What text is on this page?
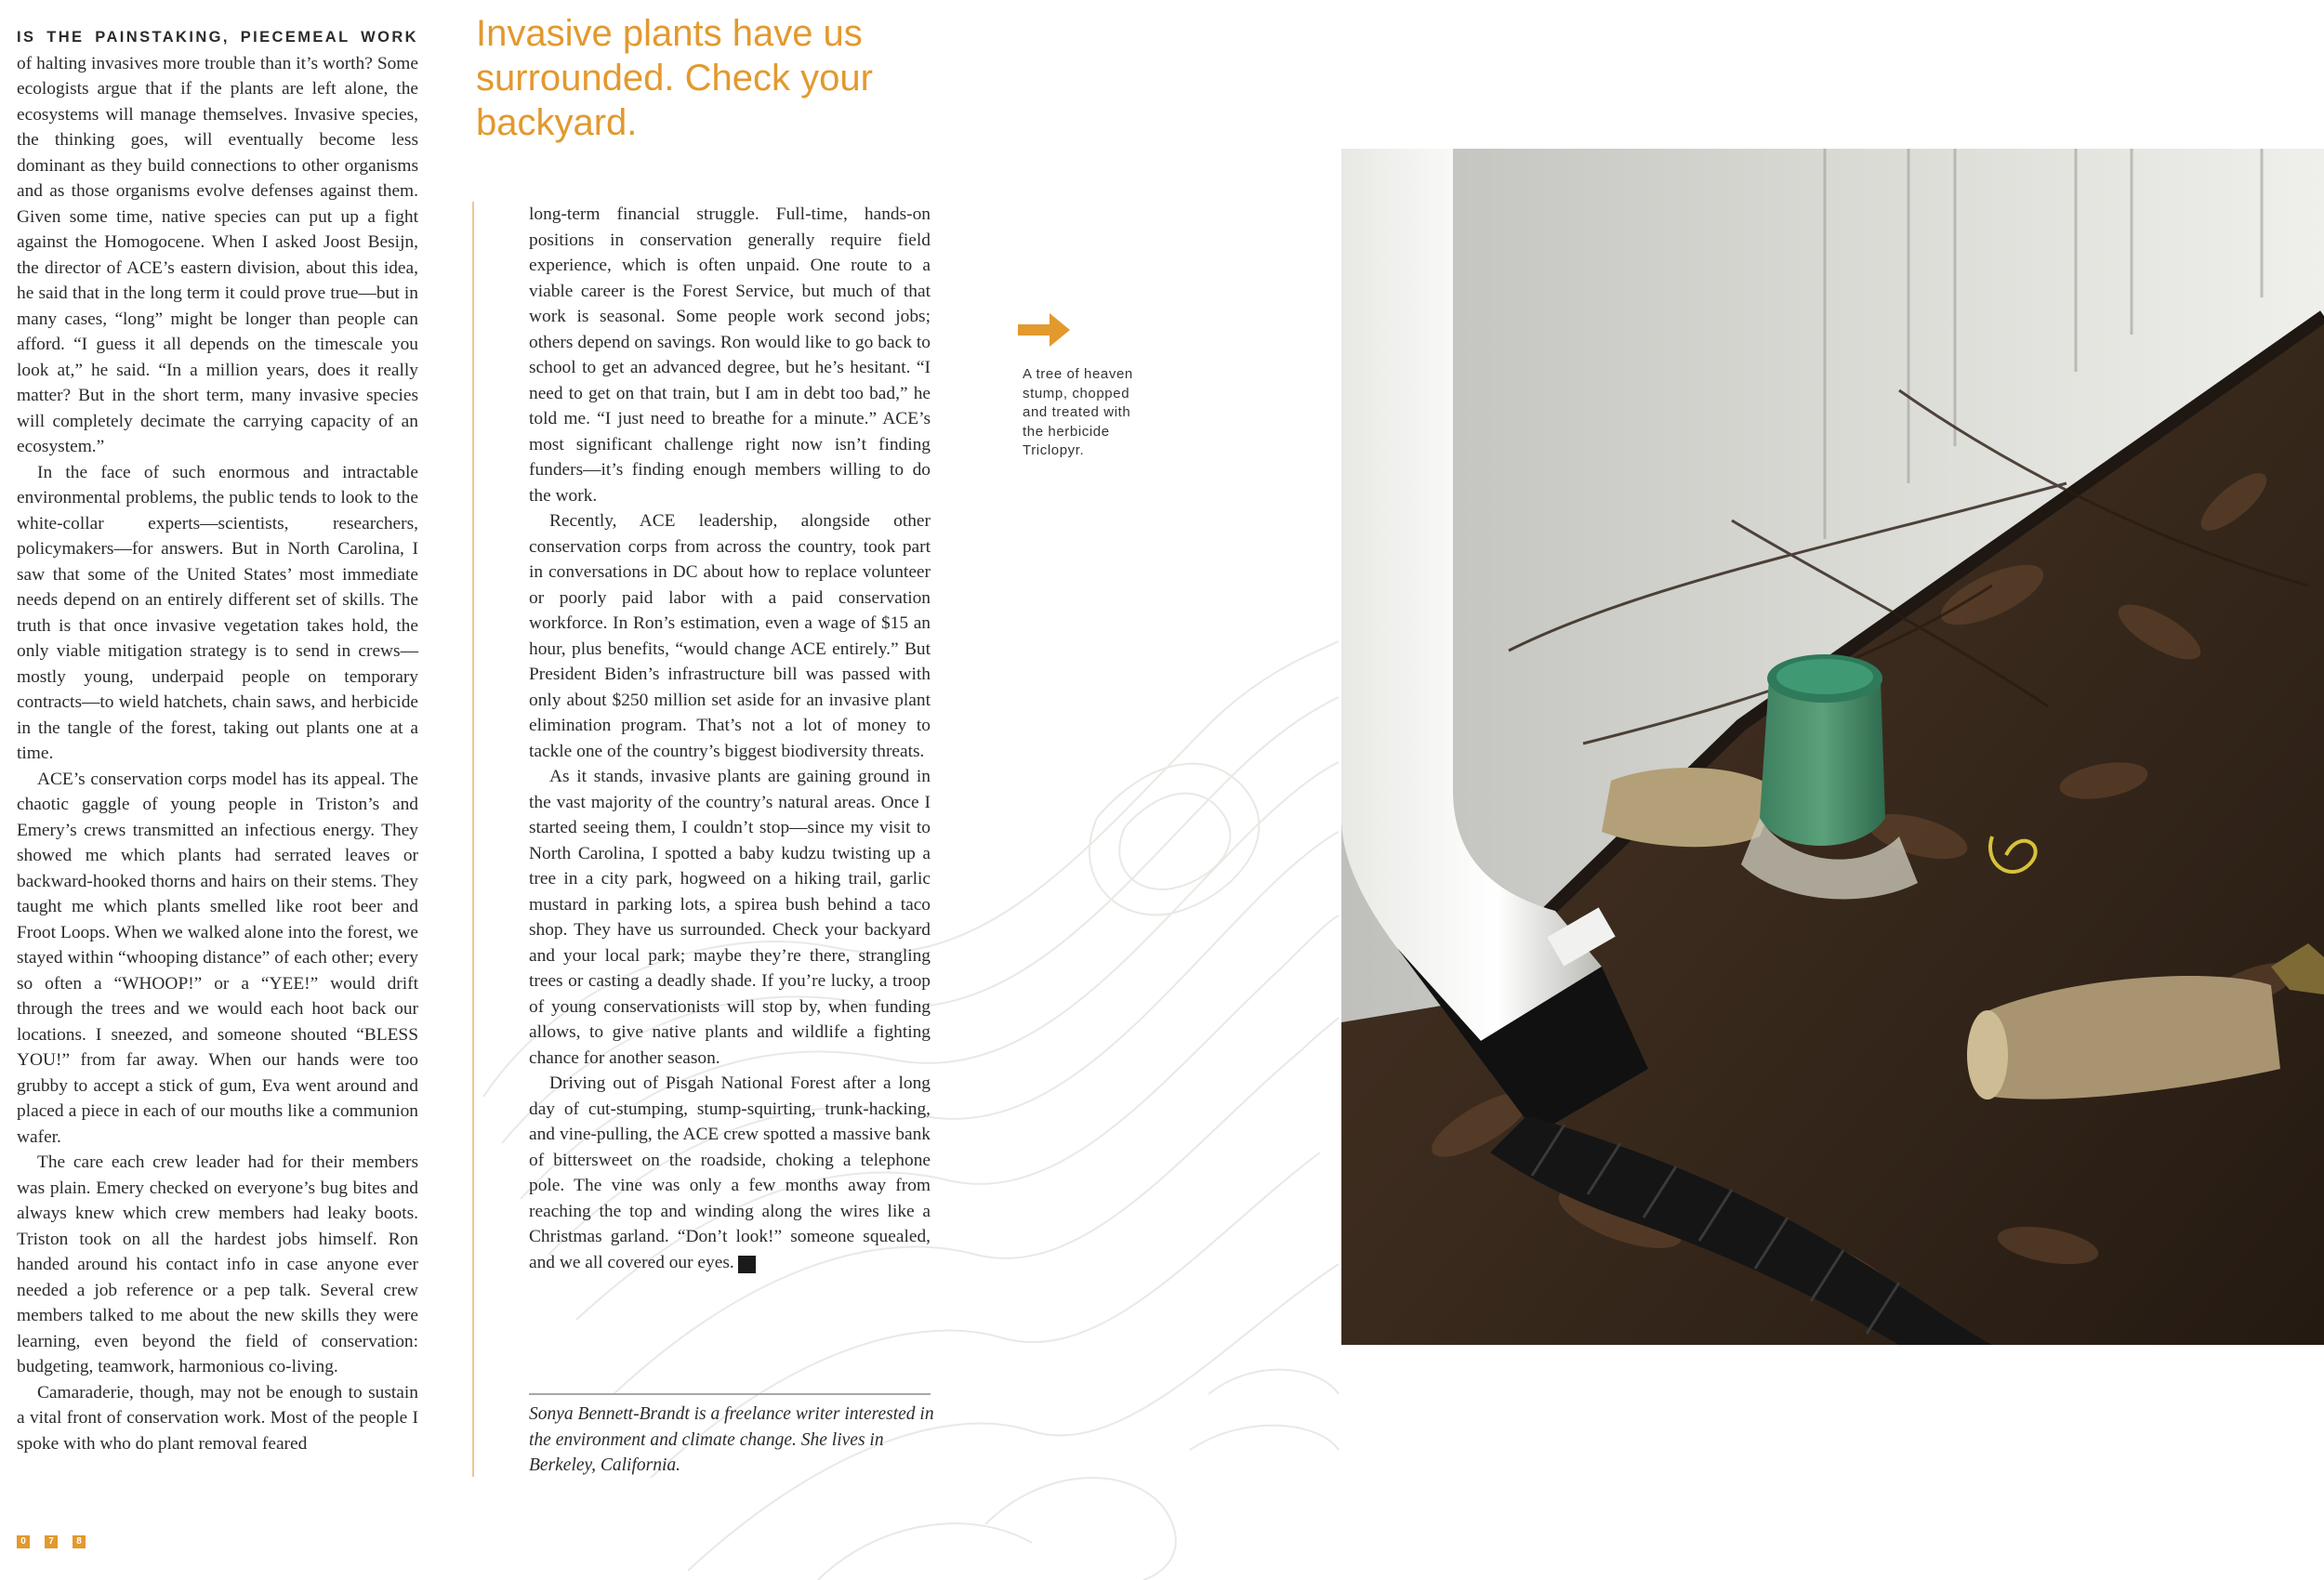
IS THE PAINSTAKING, PIECEMEAL WORK of halting invasives more trouble than it’s worth? Some ecologists argue that if the plants are left alone, the ecosystems will manage themselves. Invasive species, the thinking goes, will eventually become less dominant as they build connections to other organisms and as those organisms evolve defenses against them. Given some time, native species can put up a fight against the Homogocene. When I asked Joost Besijn, the director of ACE’s eastern division, about this idea, he said that in the long term it could prove true—but in many cases, “long” might be longer than people can afford. “I guess it all depends on the timescale you look at,” he said. “In a million years, does it really matter? But in the short term, many invasive species will completely decimate the carrying capacity of an ecosystem.”

In the face of such enormous and intractable environmental problems, the public tends to look to the white-collar experts—scientists, researchers, policymakers—for answers. But in North Carolina, I saw that some of the United States’ most immediate needs depend on an entirely different set of skills. The truth is that once invasive vegetation takes hold, the only viable mitigation strategy is to send in crews—mostly young, underpaid people on temporary contracts—to wield hatchets, chain saws, and herbicide in the tangle of the forest, taking out plants one at a time.

ACE’s conservation corps model has its appeal. The chaotic gaggle of young people in Triston’s and Emery’s crews transmitted an infectious energy. They showed me which plants had serrated leaves or backward-hooked thorns and hairs on their stems. They taught me which plants smelled like root beer and Froot Loops. When we walked alone into the forest, we stayed within “whooping distance” of each other; every so often a “WHOOP!” or a “YEE!” would drift through the trees and we would each hoot back our locations. I sneezed, and someone shouted “BLESS YOU!” from far away. When our hands were too grubby to accept a stick of gum, Eva went around and placed a piece in each of our mouths like a communion wafer.

The care each crew leader had for their members was plain. Emery checked on everyone’s bug bites and always knew which crew members had leaky boots. Triston took on all the hardest jobs himself. Ron handed around his contact info in case anyone ever needed a job reference or a pep talk. Several crew members talked to me about the new skills they were learning, even beyond the field of conservation: budgeting, teamwork, harmonious co-living.

Camaraderie, though, may not be enough to sustain a vital front of conservation work. Most of the people I spoke with who do plant removal feared

Invasive plants have us surrounded. Check your backyard.

long-term financial struggle. Full-time, hands-on positions in conservation generally require field experience, which is often unpaid. One route to a viable career is the Forest Service, but much of that work is seasonal. Some people work second jobs; others depend on savings. Ron would like to go back to school to get an advanced degree, but he’s hesitant. “I need to get on that train, but I am in debt too bad,” he told me. “I just need to breathe for a minute.” ACE’s most significant challenge right now isn’t finding funders—it’s finding enough members willing to do the work.

Recently, ACE leadership, alongside other conservation corps from across the country, took part in conversations in DC about how to replace volunteer or poorly paid labor with a paid conservation workforce. In Ron’s estimation, even a wage of $15 an hour, plus benefits, “would change ACE entirely.” But President Biden’s infrastructure bill was passed with only about $250 million set aside for an invasive plant elimination program. That’s not a lot of money to tackle one of the country’s biggest biodiversity threats.

As it stands, invasive plants are gaining ground in the vast majority of the country’s natural areas. Once I started seeing them, I couldn’t stop—since my visit to North Carolina, I spotted a baby kudzu twisting up a tree in a city park, hogweed on a hiking trail, garlic mustard in parking lots, a spirea bush behind a taco shop. They have us surrounded. Check your backyard and your local park; maybe they’re there, strangling trees or casting a deadly shade. If you’re lucky, a troop of young conservationists will stop by, when funding allows, to give native plants and wildlife a fighting chance for another season.

Driving out of Pisgah National Forest after a long day of cut-stumping, stump-squirting, trunk-hacking, and vine-pulling, the ACE crew spotted a massive bank of bittersweet on the roadside, choking a telephone pole. The vine was only a few months away from reaching the top and winding along the wires like a Christmas garland. “Don’t look!” someone squealed, and we all covered our eyes. W

Sonya Bennett-Brandt is a freelance writer interested in the environment and climate change. She lives in Berkeley, California.
A tree of heaven stump, chopped and treated with the herbicide Triclopyr.
0	7	8
